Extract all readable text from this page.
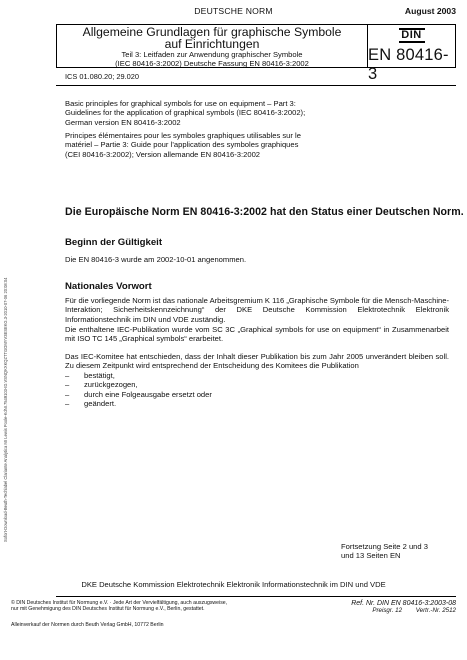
DEUTSCHE NORM	August 2003
Allgemeine Grundlagen für graphische Symbole
auf Einrichtungen
Teil 3: Leitfaden zur Anwendung graphischer Symbole
(IEC 80416-3:2002) Deutsche Fassung EN 80416-3:2002
DIN
EN 80416-3
ICS 01.080.20; 29.020
Basic principles for graphical symbols for use on equipment – Part 3:
Guidelines for the application of graphical symbols (IEC 80416-3:2002);
German version EN 80416-3:2002
Principes élémentaires pour les symboles graphiques utilisables sur le
matériel – Partie 3: Guide pour l’application des symboles graphiques
(CEI 80416-3:2002); Version allemande EN 80416-3:2002
Die Europäische Norm EN 80416-3:2002 hat den Status einer Deutschen Norm.
Beginn der Gültigkeit
Die EN 80416-3 wurde am 2002-10-01 angenommen.
Nationales Vorwort
Für die vorliegende Norm ist das nationale Arbeitsgremium K 116 „Graphische Symbole für die Mensch-Maschine-Interaktion; Sicherheitskennzeichnung“ der DKE Deutsche Kommission Elektrotechnik Elektronik Informationstechnik im DIN und VDE zuständig.
Die enthaltene IEC-Publikation wurde vom SC 3C „Graphical symbols for use on equipment“ in Zusammenarbeit mit ISO TC 145 „Graphical symbols“ erarbeitet.
Das IEC-Komitee hat entschieden, dass der Inhalt dieser Publikation bis zum Jahr 2005 unverändert bleiben soll. Zu diesem Zeitpunkt wird entsprechend der Entscheidung des Komitees die Publikation
–	bestätigt,
–	zurückgezogen,
–	durch eine Folgeausgabe ersetzt oder
–	geändert.
Fortsetzung Seite 2 und 3
und 13 Seiten EN
DKE Deutsche Kommission Elektrotechnik Elektronik Informationstechnik im DIN und VDE
© DIN Deutsches Institut für Normung e.V. · Jede Art der Vervielfältigung, auch auszugsweise,
nur mit Genehmigung des DIN Deutsches Institut für Normung e.V., Berlin, gestattet.
Ref. Nr. DIN EN 80416-3:2003-08
Preisgr. 12 Vertr.-Nr. 2512
Alleinverkauf der Normen durch Beuth Verlag GmbH, 10772 Berlin
Sofort-Download-Beuth-Techlabel Clariante Analytica Mr Lewis Poole-KdNr.7549103-ID.VSNQKXKQZTTGOMYV3ESEKG.3-2010-07-06 20:08:04
